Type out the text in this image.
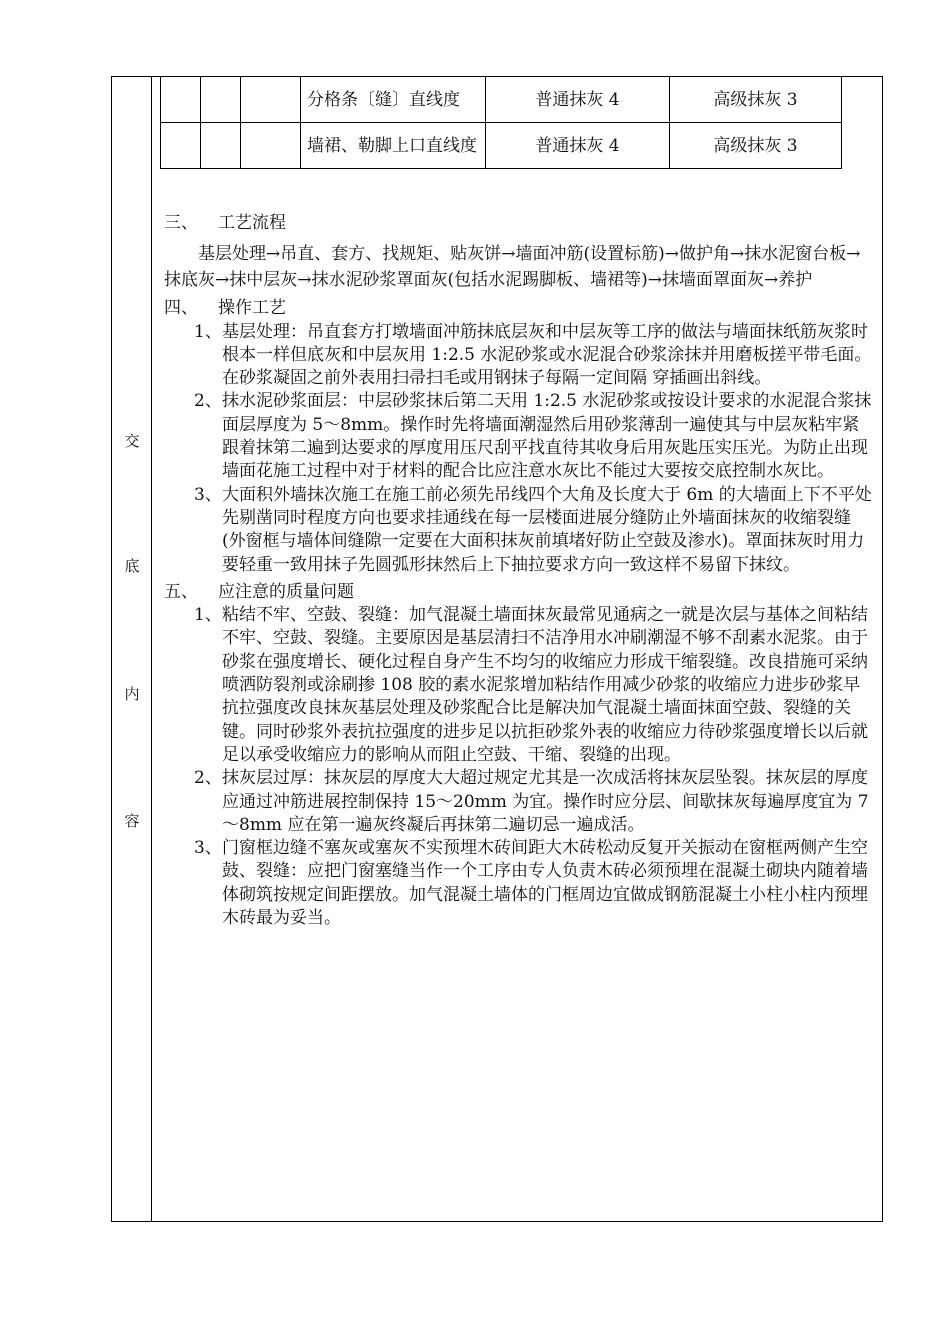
交
底
内
容
			分格条〔缝〕直线度	普通抹灰 4	高级抹灰 3
			墙裙、勒脚上口直线度	普通抹灰 4	高级抹灰 3

三、 工艺流程

基层处理→吊直、套方、找规矩、贴灰饼→墙面冲筋(设置标筋)→做护角→抹水泥窗台板→抹底灰→抹中层灰→抹水泥砂浆罩面灰(包括水泥踢脚板、墙裙等)→抹墙面罩面灰→养护

四、 操作工艺

1、 基层处理：吊直套方打墩墙面冲筋抹底层灰和中层灰等工序的做法与墙面抹纸筋灰浆时根本一样但底灰和中层灰用 1:2.5 水泥砂浆或水泥混合砂浆涂抹并用磨板搓平带毛面。在砂浆凝固之前外表用扫帚扫毛或用钢抹子每隔一定间隔 穿插画出斜线。

2、 抹水泥砂浆面层：中层砂浆抹后第二天用 1:2.5 水泥砂浆或按设计要求的水泥混合浆抹面层厚度为 5～8mm。操作时先将墙面潮湿然后用砂浆薄刮一遍使其与中层灰粘牢紧跟着抹第二遍到达要求的厚度用压尺刮平找直待其收身后用灰匙压实压光。为防止出现墙面花施工过程中对于材料的配合比应注意水灰比不能过大要按交底控制水灰比。

3、 大面积外墙抹次施工在施工前必须先吊线四个大角及长度大于 6m 的大墙面上下不平处先剔凿同时程度方向也要求挂通线在每一层楼面进展分缝防止外墙面抹灰的收缩裂缝(外窗框与墙体间缝隙一定要在大面积抹灰前填堵好防止空鼓及渗水)。罩面抹灰时用力要轻重一致用抹子先圆弧形抹然后上下抽拉要求方向一致这样不易留下抹纹。

五、 应注意的质量问题

1、 粘结不牢、空鼓、裂缝：加气混凝土墙面抹灰最常见通病之一就是次层与基体之间粘结不牢、空鼓、裂缝。主要原因是基层清扫不洁净用水冲刷潮湿不够不刮素水泥浆。由于砂浆在强度增长、硬化过程自身产生不均匀的收缩应力形成干缩裂缝。改良措施可采纳喷洒防裂剂或涂刷掺 108 胶的素水泥浆增加粘结作用减少砂浆的收缩应力进步砂浆早抗拉强度改良抹灰基层处理及砂浆配合比是解决加气混凝土墙面抹面空鼓、裂缝的关键。同时砂浆外表抗拉强度的进步足以抗拒砂浆外表的收缩应力待砂浆强度增长以后就足以承受收缩应力的影响从而阻止空鼓、干缩、裂缝的出现。

2、 抹灰层过厚：抹灰层的厚度大大超过规定尤其是一次成活将抹灰层坠裂。抹灰层的厚度应通过冲筋进展控制保持 15～20mm 为宜。操作时应分层、间歇抹灰每遍厚度宜为 7～8mm 应在第一遍灰终凝后再抹第二遍切忌一遍成活。

3、 门窗框边缝不塞灰或塞灰不实预埋木砖间距大木砖松动反复开关振动在窗框两侧产生空鼓、裂缝：应把门窗塞缝当作一个工序由专人负责木砖必须预埋在混凝土砌块内随着墙体砌筑按规定间距摆放。加气混凝土墙体的门框周边宜做成钢筋混凝土小柱小柱内预埋木砖最为妥当。
